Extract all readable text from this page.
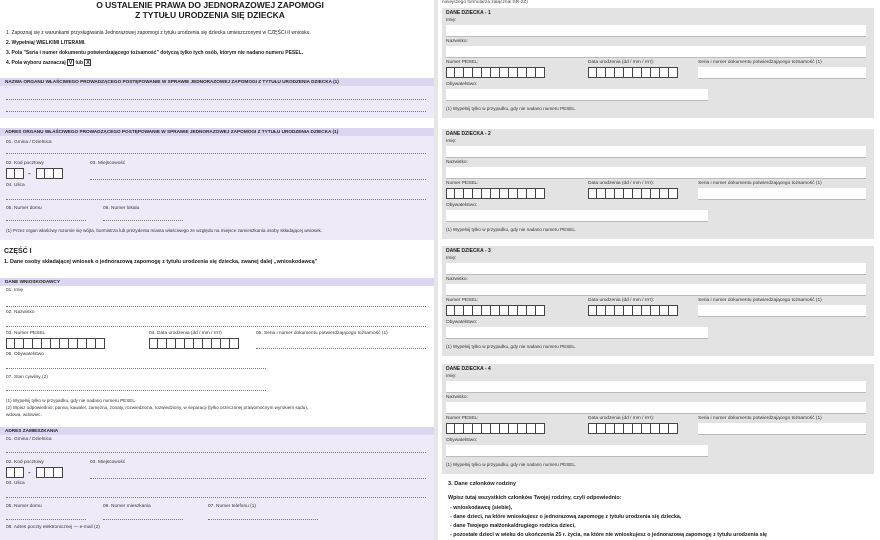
O USTALENIE PRAWA DO JEDNORAZOWEJ ZAPOMOGI
Z TYTUŁU URODZENIA SIĘ DZIECKA
1. Zapoznaj się z warunkami przysługiwania Jednorazowej zapomogi z tytułu urodzenia się dziecka umieszczonymi w CZĘŚCI II wniosku.
2. Wypełniaj WIELKIMI LITERAMI.
3. Pola "Seria i numer dokumentu potwierdzającego tożsamość" dotyczą tylko tych osób, którym nie nadano numeru PESEL.
4. Pola wyboru zaznaczaj V lub X
NAZWA ORGANU WŁAŚCIWEGO PROWADZĄCEGO POSTĘPOWANIE W SPRAWIE JEDNORAZOWEJ ZAPOMOGI Z TYTUŁU URODZENIA DZIECKA (1)
ADRES ORGANU WŁAŚCIWEGO PROWADZĄCEGO POSTĘPOWANIE W SPRAWIE JEDNORAZOWEJ ZAPOMOGI Z TYTUŁU URODZENIA DZIECKA (1)
01. Gmina / Dzielnica
02. Kod pocztowy
-
03. Miejscowość
04. Ulica
05. Numer domu	06. Numer lokalu
(1) Przez organ właściwy rozumie się wójta, burmistrza lub prezydenta miasta właściwego ze względu na miejsce zamieszkania osoby składającej wniosek.
CZĘŚĆ I
1. Dane osoby składającej wniosek o jednorazową zapomogę z tytułu urodzenia się dziecka, zwanej dalej „wnioskodawcą”
DANE WNIOSKODAWCY
01. Imię
02. Nazwisko
03. Numer PESEL	04. Data urodzenia (dd / mm / rrrr)	05. Seria i numer dokumentu potwierdzającego tożsamość (1)
06. Obywatelstwo
07. Stan cywilny (2)
(1) Wypełnij tylko w przypadku, gdy nie nadano numeru PESEL.
(2) Wpisz odpowiednio: panna, kawaler, zamężna, żonaty, rozwiedziona, rozwiedziony, w separacji (tylko orzeczonej prawomocnym wyrokiem sądu),
wdowa, wdowiec.
ADRES ZAMIESZKANIA
01. Gmina / Dzielnica
02. Kod pocztowy
-
03. Miejscowość
04. Ulica
05. Numer domu	06. Numer mieszkania	07. Numer telefonu (1)
08. Adres poczty elektronicznej — e-mail (2)
niniejszego formularza załącznik SR-2Z)
DANE DZIECKA - 1
Imię:
Nazwisko:
Numer PESEL:	Data urodzenia (dd / mm / rrrr):	Seria i numer dokumentu potwierdzającego tożsamość (1)
Obywatelstwo:
(1) Wypełnij tylko w przypadku, gdy nie nadano numeru PESEL.
DANE DZIECKA - 2
Imię:
Nazwisko:
Numer PESEL:	Data urodzenia (dd / mm / rrrr):	Seria i numer dokumentu potwierdzającego tożsamość (1)
Obywatelstwo:
(1) Wypełnij tylko w przypadku, gdy nie nadano numeru PESEL.
DANE DZIECKA - 3
Imię:
Nazwisko:
Numer PESEL:	Data urodzenia (dd / mm / rrrr):	Seria i numer dokumentu potwierdzającego tożsamość (1)
Obywatelstwo:
(1) Wypełnij tylko w przypadku, gdy nie nadano numeru PESEL.
DANE DZIECKA - 4
Imię:
Nazwisko:
Numer PESEL:	Data urodzenia (dd / mm / rrrr):	Seria i numer dokumentu potwierdzającego tożsamość (1)
Obywatelstwo:
(1) Wypełnij tylko w przypadku, gdy nie nadano numeru PESEL.
3. Dane członków rodziny
Wpisz tutaj wszystkich członków Twojej rodziny, czyli odpowiednio:
- wnioskodawcę (siebie),
- dane dzieci, na które wnioskujesz o jednorazową zapomogę z tytułu urodzenia się dziecka,
- dane Twojego małżonka/drugiego rodzica dzieci,
- pozostałe dzieci w wieku do ukończenia 25 r. życia, na które nie wnioskujesz o jednorazową zapomogę z tytułu urodzenia się
